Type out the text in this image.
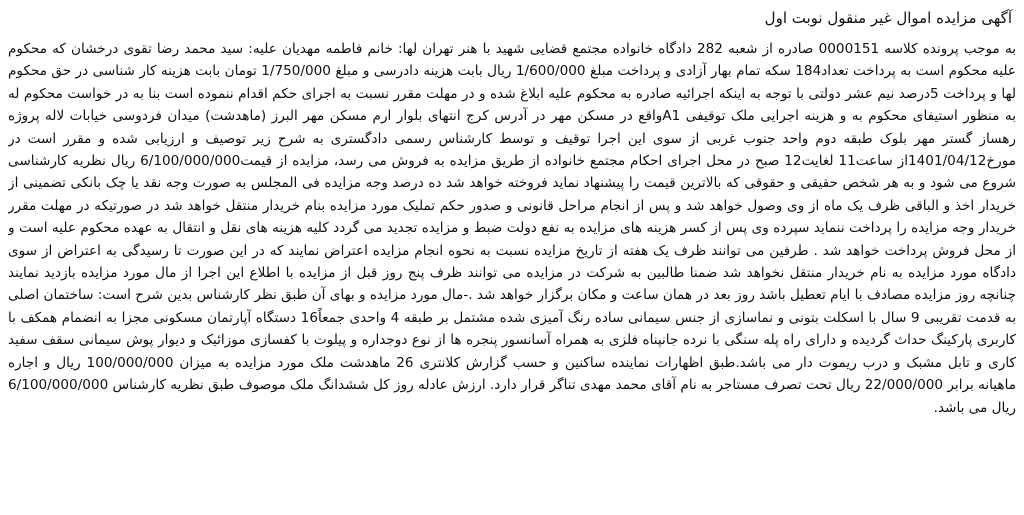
آگهی مزایده اموال غیر منقول نوبت اول

به موجب پرونده کلاسه 0000151 صادره از شعبه 282 دادگاه خانواده مجتمع قضایی شهید با هنر تهران لها: خانم فاطمه مهدیان علیه: سید محمد رضا تقوی درخشان که محکوم علیه محکوم است به پرداخت تعداد184 سکه تمام بهار آزادی و پرداخت مبلغ 1/600/000 ریال بابت هزینه دادرسی و مبلغ 1/750/000 تومان بابت هزینه کار شناسی در حق محکوم لها و پرداخت 5درصد نیم عشر دولتی با توجه به اینکه اجرائیه صادره به محکوم علیه ابلاغ شده و در مهلت مقرر نسبت به اجرای حکم اقدام ننموده است بنا به در خواست محکوم له به منظور استیفای محکوم به و هزینه اجرایی ملک توقیفی A1واقع در مسکن مهر در آدرس کرج انتهای بلوار ارم مسکن مهر البرز (ماهدشت) میدان فردوسی خیابات لاله پروژه رهساز گستر مهر بلوک طبقه دوم واحد جنوب غربی از سوی این اجرا توقیف و توسط کارشناس رسمی دادگستری به شرح زیر توصیف و ارزیابی شده و مقرر است در مورخ1401/04/12از ساعت11 لغایت12 صبح در محل اجرای احکام مجتمع خانواده از طریق مزایده به فروش می رسد، مزایده از قیمت6/100/000/000 ریال نظریه کارشناسی شروع می شود و به هر شخص حقیقی و حقوقی که بالاترین قیمت را پیشنهاد نماید فروخته خواهد شد ده درصد وجه مزایده فی المجلس به صورت وجه نقد یا چک بانکی تضمینی از خریدار اخذ و الباقی ظرف یک ماه از وی وصول خواهد شد و پس از انجام مراحل قانونی و صدور حکم تملیک مورد مزایده بنام خریدار منتقل خواهد شد در صورتیکه در مهلت مقرر خریدار وجه مزایده را پرداخت ننماید سپرده وی پس از کسر هزینه های مزایده به نفع دولت ضبط و مزایده تجدید می گردد کلیه هزینه های نقل و انتقال به عهده محکوم علیه است و از محل فروش پرداخت خواهد شد . طرفین می توانند ظرف یک هفته از تاریخ مزایده نسبت به نحوه انجام مزایده اعتراض نمایند که در این صورت تا رسیدگی به اعتراض از سوی دادگاه مورد مزایده به نام خریدار منتقل نخواهد شد ضمنا طالبین به شرکت در مزایده می توانند ظرف پنج روز قبل از مزایده با اطلاع این اجرا از مال مورد مزایده بازدید نمایند چنانچه روز مزایده مصادف با ایام تعطیل باشد روز بعد در همان ساعت و مکان برگزار خواهد شد .-مال مورد مزایده و بهای آن طبق نظر کارشناس بدین شرح است: ساختمان اصلی به قدمت تقریبی 9 سال با اسکلت بتونی و نماسازی از جنس سیمانی ساده رنگ آمیزی شده مشتمل بر طبقه 4 واحدی جمعاً16 دستگاه آپارتمان مسکونی مجزا به انضمام همکف با کاربری پارکینگ حداث گردیده و دارای راه پله سنگی با نرده جانپناه فلزی به همراه آسانسور پنجره ها از نوع دوجداره و پیلوت با کفسازی موزائیک و دیوار پوش سیمانی سقف سفید کاری و تابل مشبک و درب ریموت دار می باشد.طبق اظهارات نماینده ساکنین و حسب گزارش کلانتری 26 ماهدشت ملک مورد مزایده به میزان 100/000/000 ریال و اجاره ماهیانه برابر 22/000/000 ریال تحت تصرف مستاجر به نام آقای محمد مهدی تناگر قرار دارد. ارزش عادله روز کل ششدانگ ملک موصوف طبق نظریه کارشناس 6/100/000/000 ریال می باشد.
